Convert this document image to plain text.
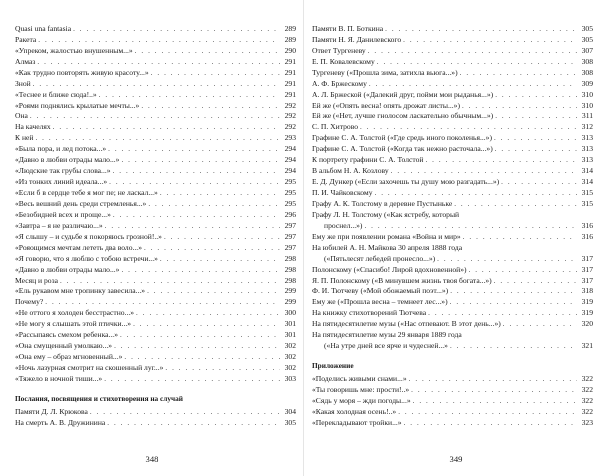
Quasi una fantasia . . .	289
Ракета . . .	289
«Упреком, жалостью внушенным...» . . .	290
Алмаз . . .	291
«Как трудно повторять живую красоту...» . . .	291
Зной . . .	291
«Теснее и ближе сюда!..» . . .	291
«Роями поднялись крылатые мечты...» . . .	292
Она . . .	292
На качелях . . .	292
К ней . . .	293
«Была пора, и лед потока...» . . .	294
«Давно в любви отрады мало...» . . .	294
«Людские так грубы слова...» . . .	294
«Из тонких линий идеала...» . . .	295
«Если б в сердце тебе я мог пе; не ласкал...» . . .	295
«Весь вешний день среди стремленья...» . . .	295
«Безобидней всех и проще...» . . .	296
«Завтра – я не различаю...» . . .	297
«Я слышу – и судьбе я покоряюсь грозной!..» . . .	297
«Рояощимся мечтам лететь два воло...» . . .	297
«Я говорю, что я люблю с тобою встречи...» . . .	298
«Давно в любви отрады мало...» . . .	298
Месяц и роза . . .	298
«Ель рукавом мне тропинку завесила...» . . .	299
Почему? . . .	299
«Не оттого я холоден бесстрастно...» . . .	300
«Не могу я слышать этой птички...» . . .	301
«Рассыпаясь смехом ребенка...» . . .	301
«Она смущенный умолкаю...» . . .	302
«Она ему – образ мгновенный...» . . .	302
«Ночь лазурная смотрит на скошенный луг...» . . .	302
«Тяжело в ночной тиши...» . . .	303
Послания, посвящения и стихотворения на случай
Памяти Д. Л. Крюкова . . .	304
На смерть А. В. Дружинина . . .	305
348
Памяти В. П. Боткина . . .	305
Памяти Н. Я. Данилевского . . .	305
Ответ Тургеневу . . .	307
Е. П. Ковалевскому . . .	308
Тургеневу («Прошла зима, затихла вьюга...») . . .	308
А. Ф. Бржескому . . .	309
А. Л. Бржеской («Далекий друг, пойми мои рыданья...») . . .	310
Ей же («Опять весна! опять дрожат листы...») . . .	310
Ей же («Нет, лучше гнолосом ласкательно обычным...») . . .	311
С. П. Хитрово . . .	312
Графине С. А. Толстой («Где средь иного поколенья...») . . .	313
Графине С. А. Толстой («Когда так нежно расточала...») . . .	313
К портрету графини С. А. Толстой . . .	313
В альбом Н. А. Козлову . . .	314
Е. Д. Дункер («Если захочешь ты душу мою разгадать...») . . .	314
П. И. Чайковскому . . .	315
Графу А. К. Толстому в деревне Пустыньке . . .	315
Графу Л. Н. Толстому («Как ястребу, который
проснел...») . . .	316
Ему же при появлении романа «Война и мир» . . .	316
На юбилей А. Н. Майкова 30 апреля 1888 года
(«Пятьлесят лебедей пронесло...») . . .	317
Полонскому («Спасибо! Лирой вдохновенной») . . .	317
Я. П. Полонскому («В минувшем жизнь твоя богата...») . . .	317
Ф. И. Тютчеву («Мой обожаемый поэт...») . . .	318
Ему же («Прошла весна – темнеет лес...») . . .	319
На книжку стихотворений Тютчева . . .	319
На пятидесятилетие музы («Нас отпевают. В этот день...») . . .	320
На пятидесятилетие музы 29 января 1889 года
(«На утре дней все ярче и чудесней...» . . .	321
Приложение
«Поделись живыми снами...» . . .	322
«Ты говоришь мне: прости!..» . . .	322
«Сядь у моря – жди погоды...» . . .	322
«Какая холодная осень!..» . . .	322
«Перекладывают тройки...» . . .	323
349
